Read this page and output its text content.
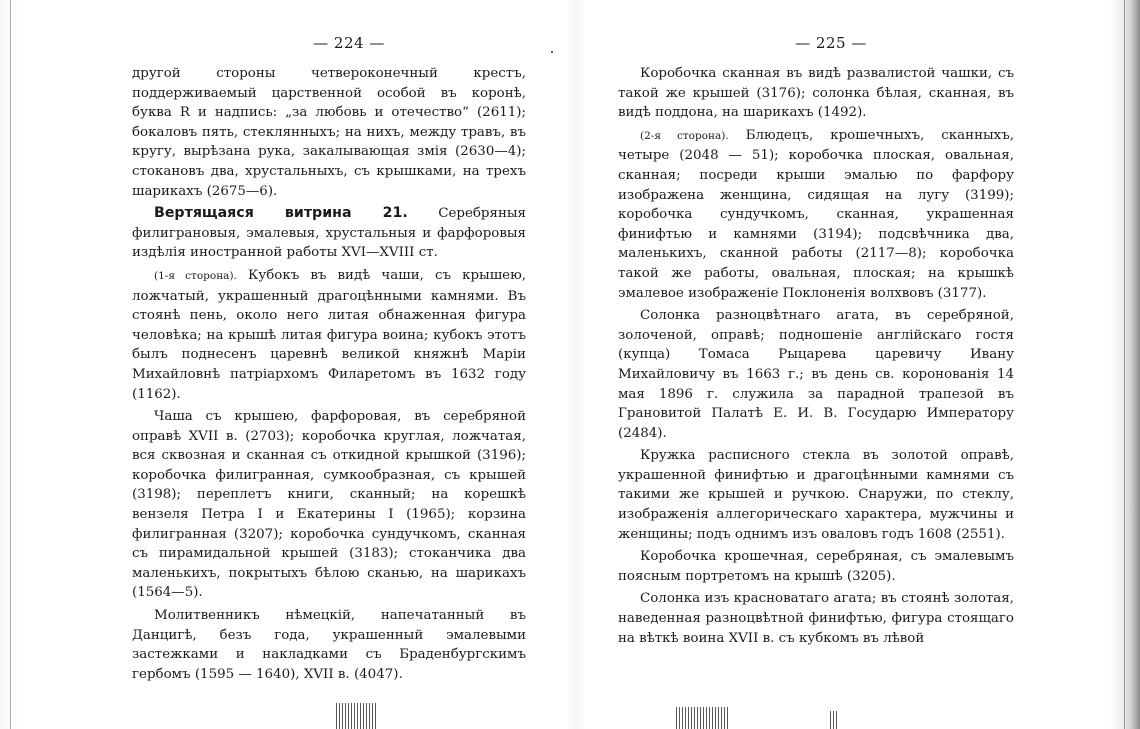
— 224 —

другой стороны четвероконечный крестъ, поддерживаемый царственной особой въ коронѣ, буква R и надпись: „за любовь и отечество“ (2611); бокаловъ пять, стеклянныхъ; на нихъ, между травъ, въ кругу, вырѣзана рука, закалывающая змія (2630—4); стокановъ два, хрустальныхъ, съ крышками, на трехъ шарикахъ (2675—6).

Вертящаяся витрина 21. Серебряныя филиграновыя, эмалевыя, хрустальныя и фарфоровыя издѣлія иностранной работы XVI—XVIII ст.

(1-я сторона). Кубокъ въ видѣ чаши, съ крышею, ложчатый, украшенный драгоцѣнными камнями. Въ стоянѣ пень, около него литая обнаженная фигура человѣка; на крышѣ литая фигура воина; кубокъ этотъ былъ поднесенъ царевнѣ великой княжнѣ Маріи Михайловнѣ патріархомъ Филаретомъ въ 1632 году (1162).

Чаша съ крышею, фарфоровая, въ серебряной оправѣ XVII в. (2703); коробочка круглая, ложчатая, вся сквозная и сканная съ откидной крышкой (3196); коробочка филигранная, сумкообразная, съ крышей (3198); переплетъ книги, сканный; на корешкѣ вензеля Петра I и Екатерины I (1965); корзина филигранная (3207); коробочка сундучкомъ, сканная съ пирамидальной крышей (3183); стоканчика два маленькихъ, покрытыхъ бѣлою сканью, на шарикахъ (1564—5).

Молитвенникъ нѣмецкій, напечатанный въ Данцигѣ, безъ года, украшенный эмалевыми застежками и накладками съ Браденбургскимъ гербомъ (1595 — 1640), XVII в. (4047).

— 225 —

Коробочка сканная въ видѣ развалистой чашки, съ такой же крышей (3176); солонка бѣлая, сканная, въ видѣ поддона, на шарикахъ (1492).

(2-я сторона). Блюдецъ, крошечныхъ, сканныхъ, четыре (2048 — 51); коробочка плоская, овальная, сканная; посреди крыши эмалью по фарфору изображена женщина, сидящая на лугу (3199); коробочка сундучкомъ, сканная, украшенная финифтью и камнями (3194); подсвѣчника два, маленькихъ, сканной работы (2117—8); коробочка такой же работы, овальная, плоская; на крышкѣ эмалевое изображеніе Поклоненія волхвовъ (3177).

Солонка разноцвѣтнаго агата, въ серебряной, золоченой, оправѣ; подношеніе англійскаго гостя (купца) Томаса Рыцарева царевичу Ивану Михайловичу въ 1663 г.; въ день св. коронованія 14 мая 1896 г. служила за парадной трапезой въ Грановитой Палатѣ Е. И. В. Государю Императору (2484).

Кружка расписного стекла въ золотой оправѣ, украшенной финифтью и драгоцѣнными камнями съ такими же крышей и ручкою. Снаружи, по стеклу, изображенія аллегорическаго характера, мужчины и женщины; подъ однимъ изъ оваловъ годъ 1608 (2551).

Коробочка крошечная, серебряная, съ эмалевымъ поясным портретомъ на крышѣ (3205).

Солонка изъ красноватаго агата; въ стоянѣ золотая, наведенная разноцвѣтной финифтью, фигура стоящаго на вѣткѣ воина XVII в. съ кубкомъ въ лѣвой
